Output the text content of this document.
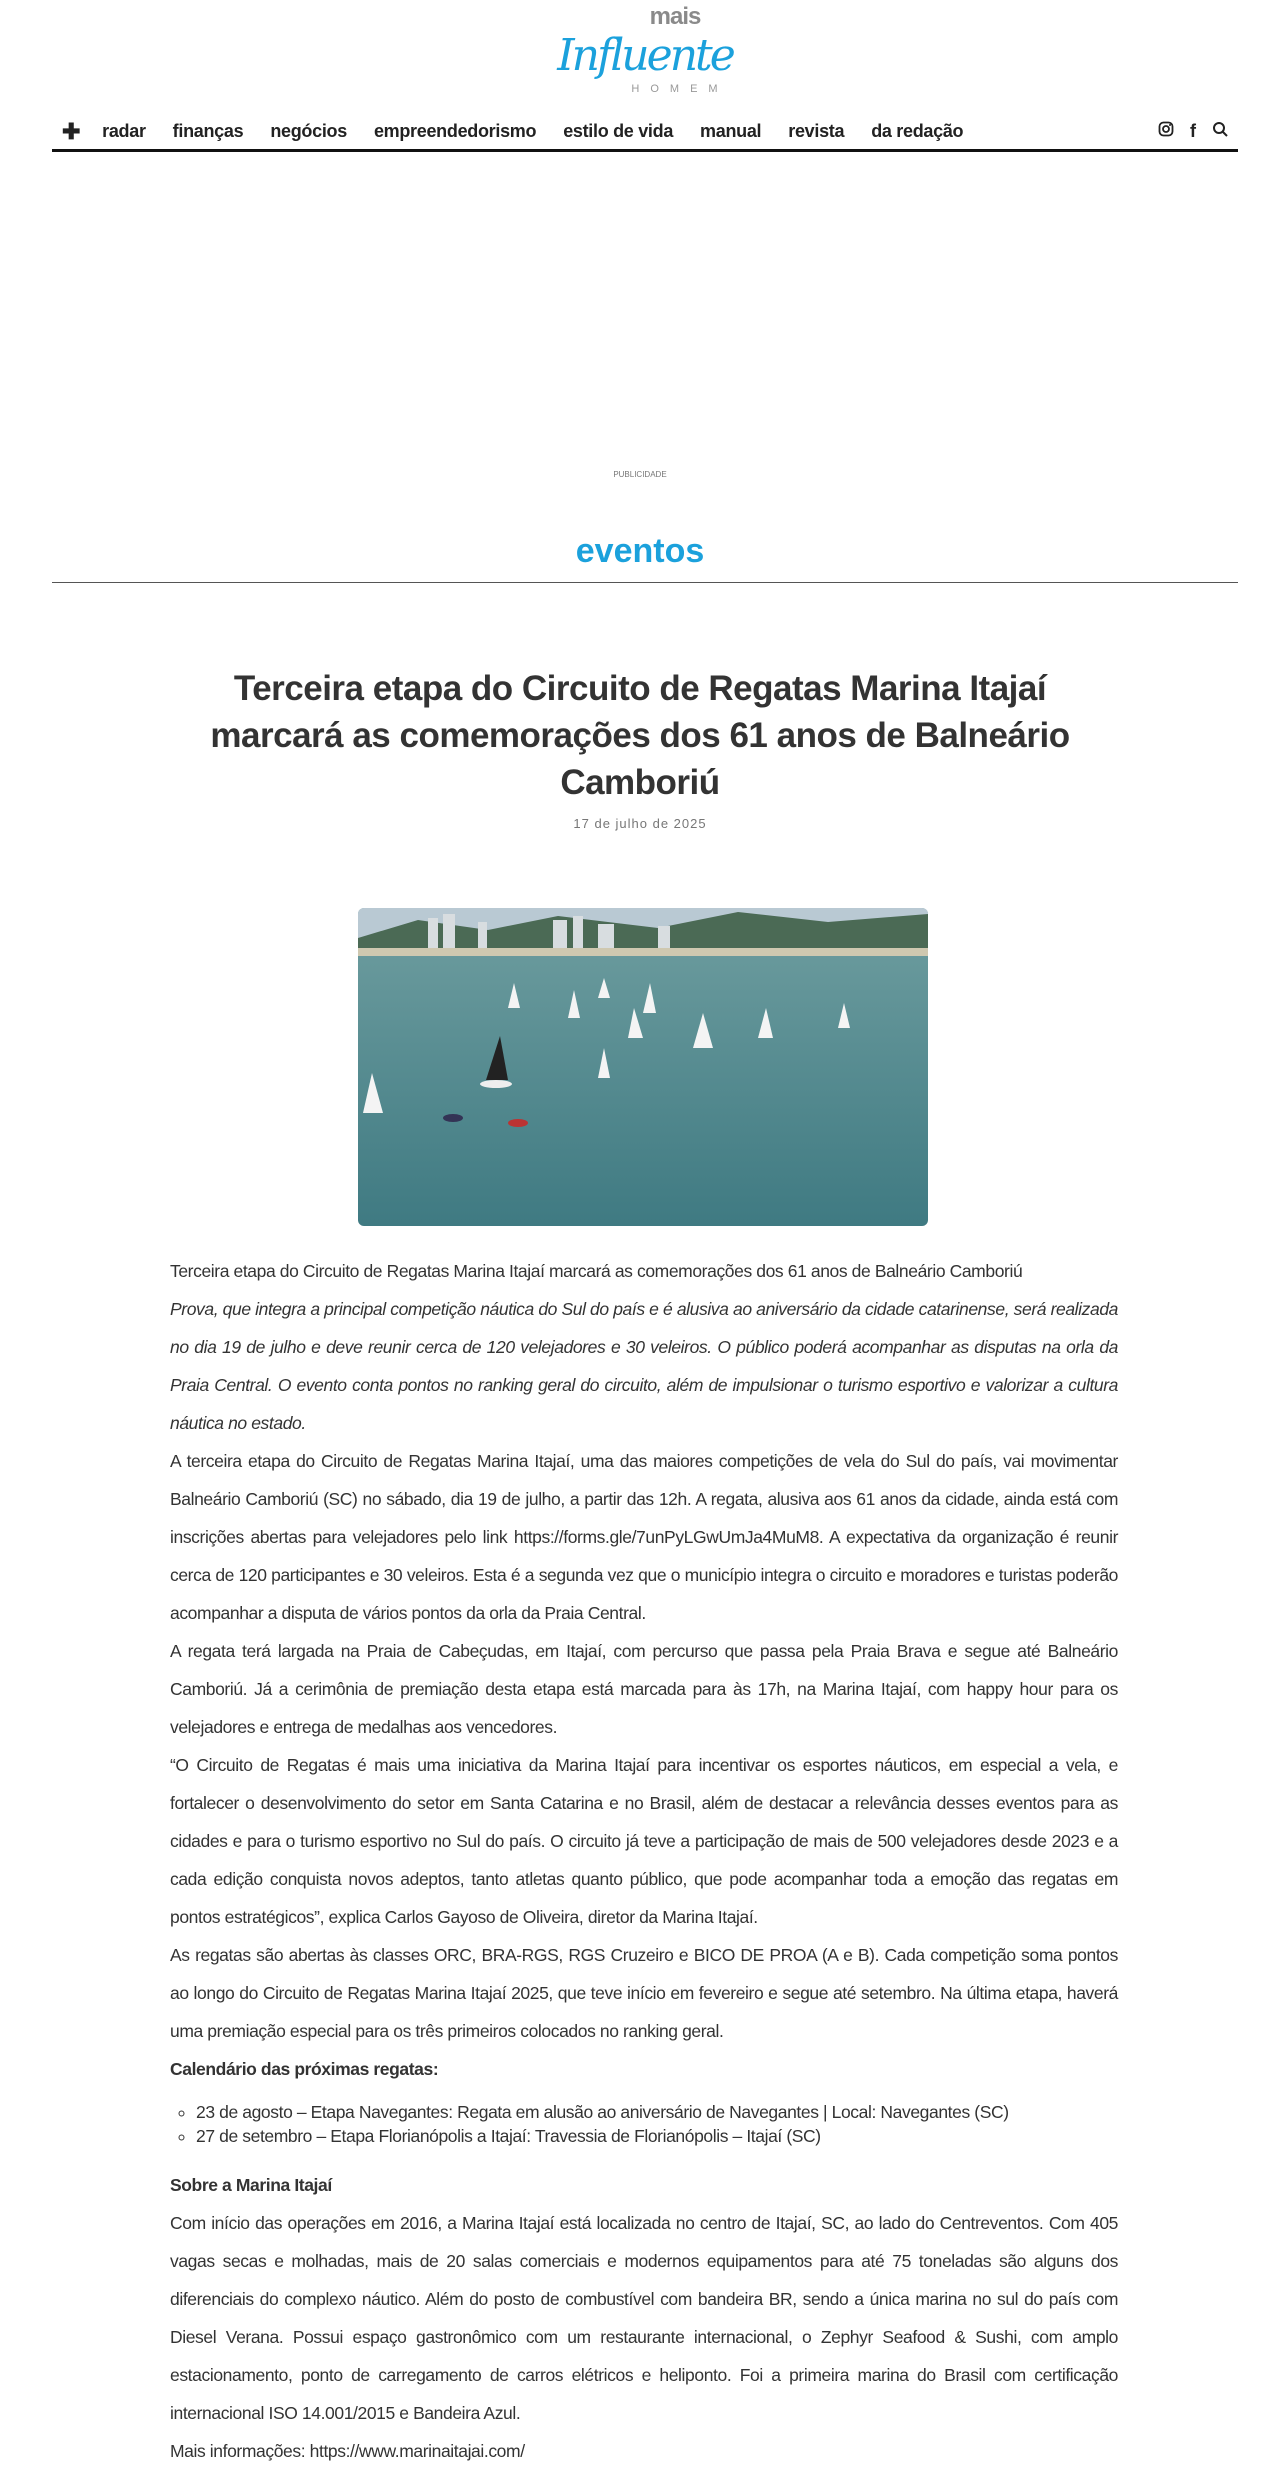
mais
Influente
HOMEM
✚ radar finanças negócios empreendedorismo estilo de vida manual revista da redação	f
PUBLICIDADE
eventos
Terceira etapa do Circuito de Regatas Marina Itajaí marcará as comemorações dos 61 anos de Balneário Camboriú
17 de julho de 2025

Terceira etapa do Circuito de Regatas Marina Itajaí marcará as comemorações dos 61 anos de Balneário Camboriú

Prova, que integra a principal competição náutica do Sul do país e é alusiva ao aniversário da cidade catarinense, será realizada no dia 19 de julho e deve reunir cerca de 120 velejadores e 30 veleiros. O público poderá acompanhar as disputas na orla da Praia Central. O evento conta pontos no ranking geral do circuito, além de impulsionar o turismo esportivo e valorizar a cultura náutica no estado.

A terceira etapa do Circuito de Regatas Marina Itajaí, uma das maiores competições de vela do Sul do país, vai movimentar Balneário Camboriú (SC) no sábado, dia 19 de julho, a partir das 12h. A regata, alusiva aos 61 anos da cidade, ainda está com inscrições abertas para velejadores pelo link https://forms.gle/7unPyLGwUmJa4MuM8. A expectativa da organização é reunir cerca de 120 participantes e 30 veleiros. Esta é a segunda vez que o município integra o circuito e moradores e turistas poderão acompanhar a disputa de vários pontos da orla da Praia Central.

A regata terá largada na Praia de Cabeçudas, em Itajaí, com percurso que passa pela Praia Brava e segue até Balneário Camboriú. Já a cerimônia de premiação desta etapa está marcada para às 17h, na Marina Itajaí, com happy hour para os velejadores e entrega de medalhas aos vencedores.

“O Circuito de Regatas é mais uma iniciativa da Marina Itajaí para incentivar os esportes náuticos, em especial a vela, e fortalecer o desenvolvimento do setor em Santa Catarina e no Brasil, além de destacar a relevância desses eventos para as cidades e para o turismo esportivo no Sul do país. O circuito já teve a participação de mais de 500 velejadores desde 2023 e a cada edição conquista novos adeptos, tanto atletas quanto público, que pode acompanhar toda a emoção das regatas em pontos estratégicos”, explica Carlos Gayoso de Oliveira, diretor da Marina Itajaí.

As regatas são abertas às classes ORC, BRA-RGS, RGS Cruzeiro e BICO DE PROA (A e B). Cada competição soma pontos ao longo do Circuito de Regatas Marina Itajaí 2025, que teve início em fevereiro e segue até setembro. Na última etapa, haverá uma premiação especial para os três primeiros colocados no ranking geral.

Calendário das próximas regatas:

◦ 23 de agosto – Etapa Navegantes: Regata em alusão ao aniversário de Navegantes | Local: Navegantes (SC)
◦ 27 de setembro – Etapa Florianópolis a Itajaí: Travessia de Florianópolis – Itajaí (SC)

Sobre a Marina Itajaí

Com início das operações em 2016, a Marina Itajaí está localizada no centro de Itajaí, SC, ao lado do Centreventos. Com 405 vagas secas e molhadas, mais de 20 salas comerciais e modernos equipamentos para até 75 toneladas são alguns dos diferenciais do complexo náutico. Além do posto de combustível com bandeira BR, sendo a única marina no sul do país com Diesel Verana. Possui espaço gastronômico com um restaurante internacional, o Zephyr Seafood & Sushi, com amplo estacionamento, ponto de carregamento de carros elétricos e heliponto. Foi a primeira marina do Brasil com certificação internacional ISO 14.001/2015 e Bandeira Azul.

Mais informações: https://www.marinaitajai.com/
